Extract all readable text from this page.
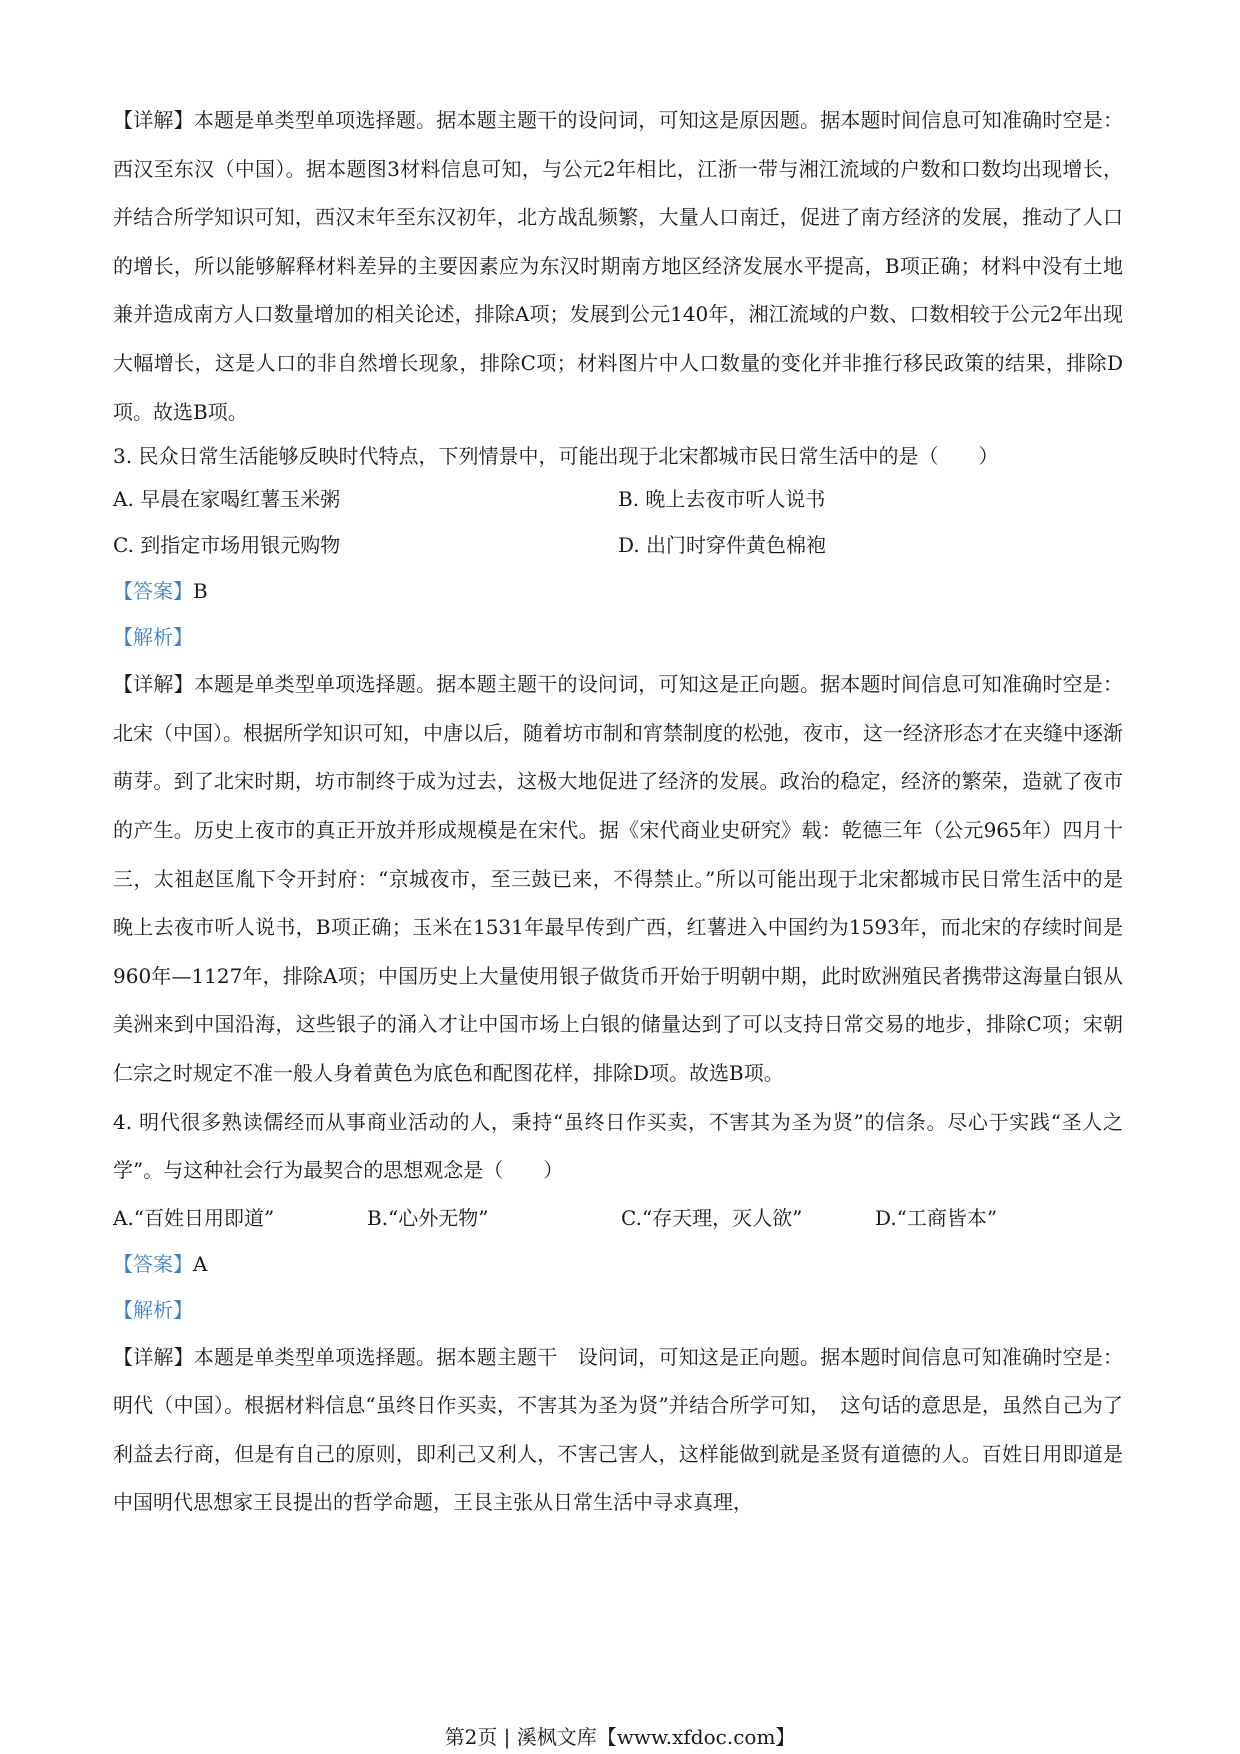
【详解】本题是单类型单项选择题。据本题主题干的设问词，可知这是原因题。据本题时间信息可知准确时空是：西汉至东汉（中国）。据本题图3材料信息可知，与公元2年相比，江浙一带与湘江流域的户数和口数均出现增长，并结合所学知识可知，西汉末年至东汉初年，北方战乱频繁，大量人口南迁，促进了南方经济的发展，推动了人口的增长，所以能够解释材料差异的主要因素应为东汉时期南方地区经济发展水平提高，B项正确；材料中没有土地兼并造成南方人口数量增加的相关论述，排除A项；发展到公元140年，湘江流域的户数、口数相较于公元2年出现大幅增长，这是人口的非自然增长现象，排除C项；材料图片中人口数量的变化并非推行移民政策的结果，排除D项。故选B项。

3. 民众日常生活能够反映时代特点，下列情景中，可能出现于北宋都城市民日常生活中的是（　　）

A. 早晨在家喝红薯玉米粥	B. 晚上去夜市听人说书
C. 到指定市场用银元购物	D. 出门时穿件黄色棉袍

【答案】B

【解析】

【详解】本题是单类型单项选择题。据本题主题干的设问词，可知这是正向题。据本题时间信息可知准确时空是：北宋（中国）。根据所学知识可知，中唐以后，随着坊市制和宵禁制度的松弛，夜市，这一经济形态才在夹缝中逐渐萌芽。到了北宋时期，坊市制终于成为过去，这极大地促进了经济的发展。政治的稳定，经济的繁荣，造就了夜市的产生。历史上夜市的真正开放并形成规模是在宋代。据《宋代商业史研究》载：乾德三年（公元965年）四月十三，太祖赵匡胤下令开封府：“京城夜市，至三鼓已来，不得禁止。”所以可能出现于北宋都城市民日常生活中的是晚上去夜市听人说书，B项正确；玉米在1531年最早传到广西，红薯进入中国约为1593年，而北宋的存续时间是960年—1127年，排除A项；中国历史上大量使用银子做货币开始于明朝中期，此时欧洲殖民者携带这海量白银从美洲来到中国沿海，这些银子的涌入才让中国市场上白银的储量达到了可以支持日常交易的地步，排除C项；宋朝仁宗之时规定不准一般人身着黄色为底色和配图花样，排除D项。故选B项。

4. 明代很多熟读儒经而从事商业活动的人，秉持“虽终日作买卖，不害其为圣为贤”的信条。尽心于实践“圣人之学”。与这种社会行为最契合的思想观念是（　　）

A.“百姓日用即道”	B.“心外无物”	C.“存天理，灭人欲”	D.“工商皆本”

【答案】A

【解析】

【详解】本题是单类型单项选择题。据本题主题干　设问词，可知这是正向题。据本题时间信息可知准确时空是：明代（中国）。根据材料信息“虽终日作买卖，不害其为圣为贤”并结合所学可知，　这句话的意思是，虽然自己为了利益去行商，但是有自己的原则，即利己又利人，不害己害人，这样能做到就是圣贤有道德的人。百姓日用即道是中国明代思想家王艮提出的哲学命题，王艮主张从日常生活中寻求真理，

第2页 | 溪枫文库【www.xfdoc.com】
